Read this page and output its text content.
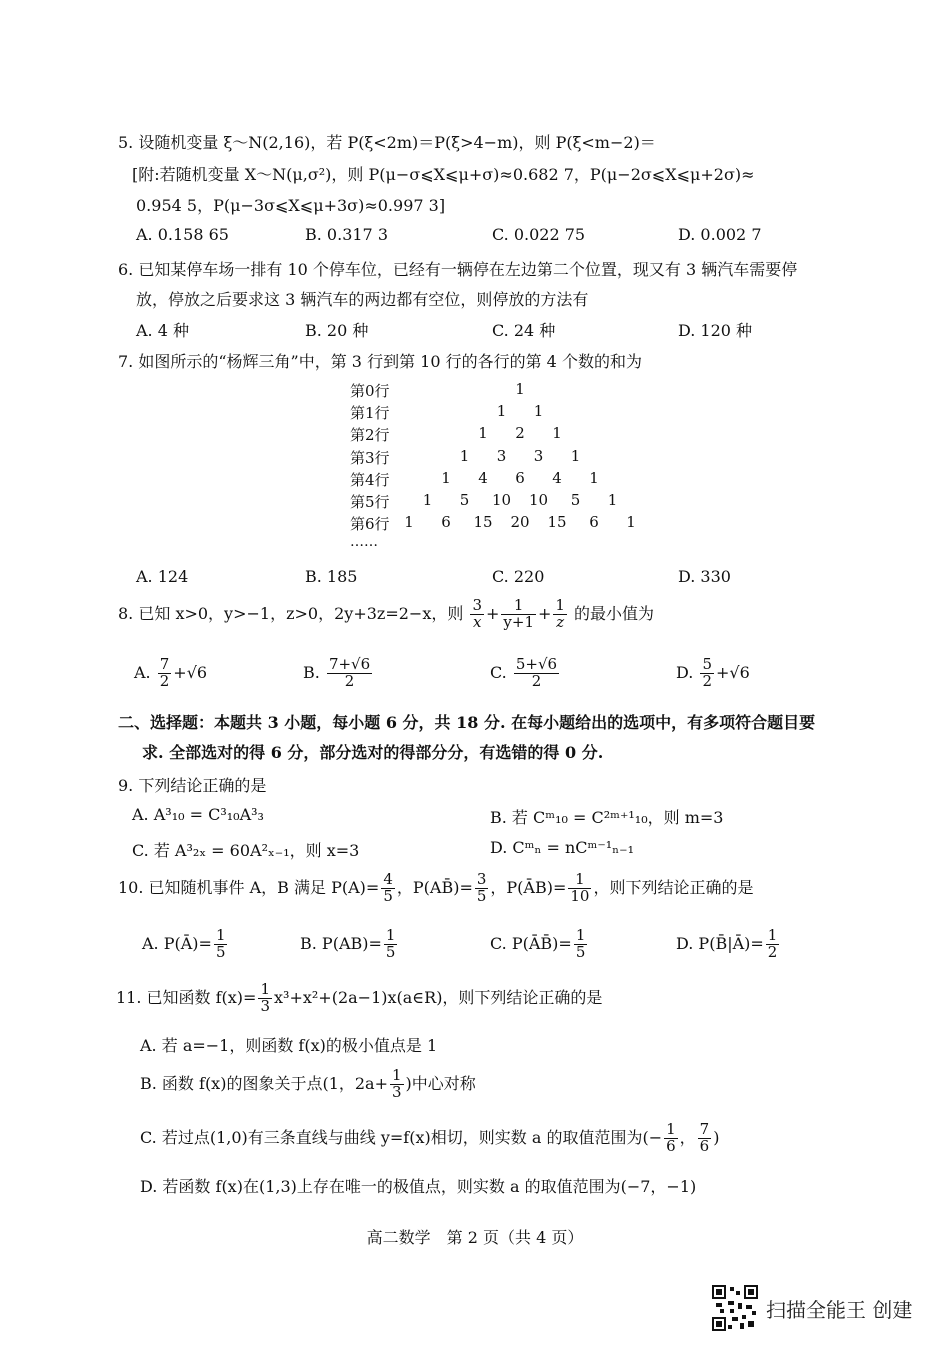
5. 设随机变量 ξ～N(2,16)，若 P(ξ<2m)＝P(ξ>4−m)，则 P(ξ<m−2)＝
[附:若随机变量 X～N(μ,σ²)，则 P(μ−σ⩽X⩽μ+σ)≈0.682 7，P(μ−2σ⩽X⩽μ+2σ)≈
0.954 5，P(μ−3σ⩽X⩽μ+3σ)≈0.997 3]
A. 0.158 65	B. 0.317 3	C. 0.022 75	D. 0.002 7
6. 已知某停车场一排有 10 个停车位，已经有一辆停在左边第二个位置，现又有 3 辆汽车需要停
放，停放之后要求这 3 辆汽车的两边都有空位，则停放的方法有
A. 4 种	B. 20 种	C. 24 种	D. 120 种
7. 如图所示的“杨辉三角”中，第 3 行到第 10 行的各行的第 4 个数的和为
第0行	1
第1行	1	1
第2行	1	2	1
第3行	1	3	3	1
第4行	1	4	6	4	1
第5行	1	5	10	10	5	1
第6行 1	6	15	20	15	6	1
……
A. 124	B. 185	C. 220	D. 330
8. 已知 x>0，y>−1，z>0，2y+3z=2−x，则 $\frac{3}{x} + \frac{1}{y+1} + \frac{1}{z}$ 的最小值为
A. $\frac{7}{2} +√6$	B. $\frac{7+√6}{2}$	C. $\frac{5+√6}{2}$	D. $\frac{5}{2} +√6$
二、选择题：本题共 3 小题，每小题 6 分，共 18 分. 在每小题给出的选项中，有多项符合题目要
求. 全部选对的得 6 分，部分选对的得部分分，有选错的得 0 分.
9. 下列结论正确的是
A. A³₁₀ = C³₁₀A³₃	B. 若 Cᵐ₁₀ = C²ᵐ⁺¹₁₀，则 m=3
C. 若 A³₂ₓ = 60A²ₓ₋₁，则 x=3	D. Cᵐₙ = nCᵐ⁻¹ₙ₋₁
10. 已知随机事件 A，B 满足 $P(A)= \frac{4}{5}$ ，P(AB̄)= $\frac{3}{5}$ ，P(ĀB)= $\frac{1}{10}$ ，则下列结论正确的是
A. P(Ā)= $\frac{1}{5}$	B. $P(AB)= \frac{1}{5}$	C. P(ĀB̄)= $\frac{1}{5}$	D. P(B̄|Ā)= $\frac{1}{2}$
11. 已知函数 $f(x)= \frac{1}{3}$ x³+x²+(2a−1)x(a∈R)，则下列结论正确的是
A. 若 a=−1，则函数 f(x)的极小值点是 1
B. 函数 f(x)的图象关于点(1，$2a+ \frac{1}{3}$ )中心对称
C. 若过点(1,0)有三条直线与曲线 y=f(x)相切，则实数 a 的取值范围为(− $\frac{1}{6}$ ， $\frac{7}{6}$ )
D. 若函数 f(x)在(1,3)上存在唯一的极值点，则实数 a 的取值范围为(−7，−1)
高二数学　第 2 页（共 4 页）
扫描全能王 创建
